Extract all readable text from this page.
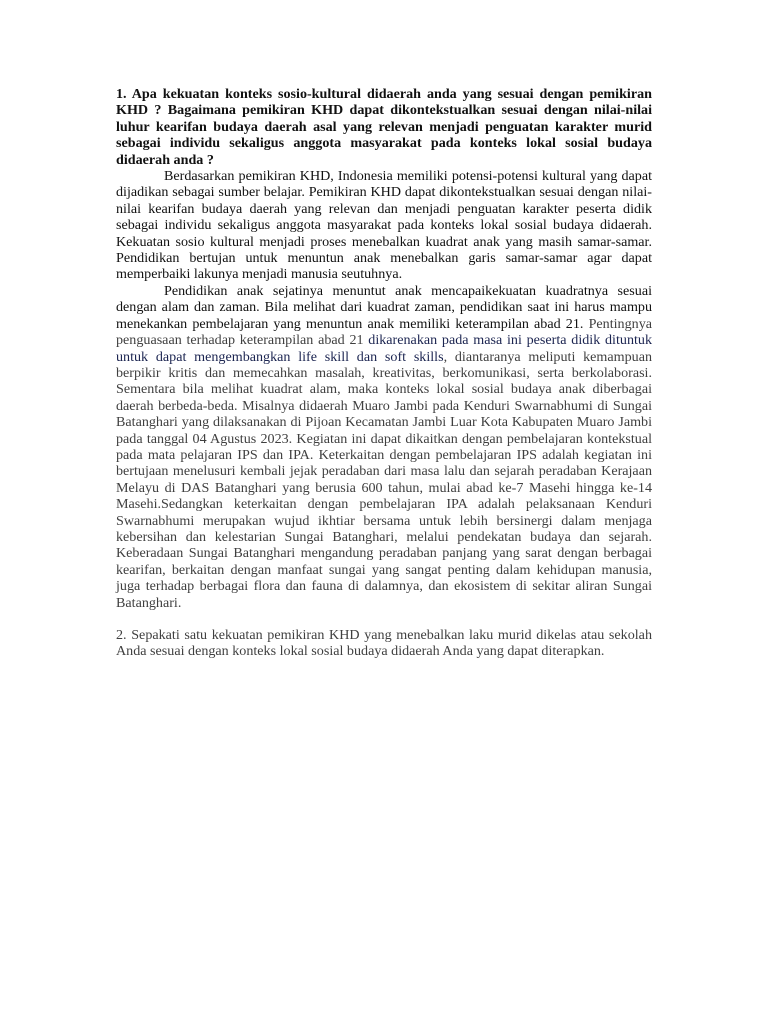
1. Apa kekuatan konteks sosio-kultural didaerah anda yang sesuai dengan pemikiran KHD ? Bagaimana pemikiran KHD dapat dikontekstualkan sesuai dengan nilai-nilai luhur kearifan budaya daerah asal yang relevan menjadi penguatan karakter murid sebagai individu sekaligus anggota masyarakat pada konteks lokal sosial budaya didaerah anda ?

Berdasarkan pemikiran KHD, Indonesia memiliki potensi-potensi kultural yang dapat dijadikan sebagai sumber belajar. Pemikiran KHD dapat dikontekstualkan sesuai dengan nilai-nilai kearifan budaya daerah yang relevan dan menjadi penguatan karakter peserta didik sebagai individu sekaligus anggota masyarakat pada konteks lokal sosial budaya didaerah. Kekuatan sosio kultural menjadi proses menebalkan kuadrat anak yang masih samar-samar. Pendidikan bertujan untuk menuntun anak menebalkan garis samar-samar agar dapat memperbaiki lakunya menjadi manusia seutuhnya.

Pendidikan anak sejatinya menuntut anak mencapaikekuatan kuadratnya sesuai dengan alam dan zaman. Bila melihat dari kuadrat zaman, pendidikan saat ini harus mampu menekankan pembelajaran yang menuntun anak memiliki keterampilan abad 21. Pentingnya penguasaan terhadap keterampilan abad 21 dikarenakan pada masa ini peserta didik dituntuk untuk dapat mengembangkan life skill dan soft skills, diantaranya meliputi kemampuan berpikir kritis dan memecahkan masalah, kreativitas, berkomunikasi, serta berkolaborasi. Sementara bila melihat kuadrat alam, maka konteks lokal sosial budaya anak diberbagai daerah berbeda-beda. Misalnya didaerah Muaro Jambi pada Kenduri Swarnabhumi di Sungai Batanghari yang dilaksanakan di Pijoan Kecamatan Jambi Luar Kota Kabupaten Muaro Jambi pada tanggal 04 Agustus 2023. Kegiatan ini dapat dikaitkan dengan pembelajaran kontekstual pada mata pelajaran IPS dan IPA. Keterkaitan dengan pembelajaran IPS adalah kegiatan ini bertujaan menelusuri kembali jejak peradaban dari masa lalu dan sejarah peradaban Kerajaan Melayu di DAS Batanghari yang berusia 600 tahun, mulai abad ke-7 Masehi hingga ke-14 Masehi.Sedangkan keterkaitan dengan pembelajaran IPA adalah pelaksanaan Kenduri Swarnabhumi merupakan wujud ikhtiar bersama untuk lebih bersinergi dalam menjaga kebersihan dan kelestarian Sungai Batanghari, melalui pendekatan budaya dan sejarah. Keberadaan Sungai Batanghari mengandung peradaban panjang yang sarat dengan berbagai kearifan, berkaitan dengan manfaat sungai yang sangat penting dalam kehidupan manusia, juga terhadap berbagai flora dan fauna di dalamnya, dan ekosistem di sekitar aliran Sungai Batanghari.

2. Sepakati satu kekuatan pemikiran KHD yang menebalkan laku murid dikelas atau sekolah Anda sesuai dengan konteks lokal sosial budaya didaerah Anda yang dapat diterapkan.
